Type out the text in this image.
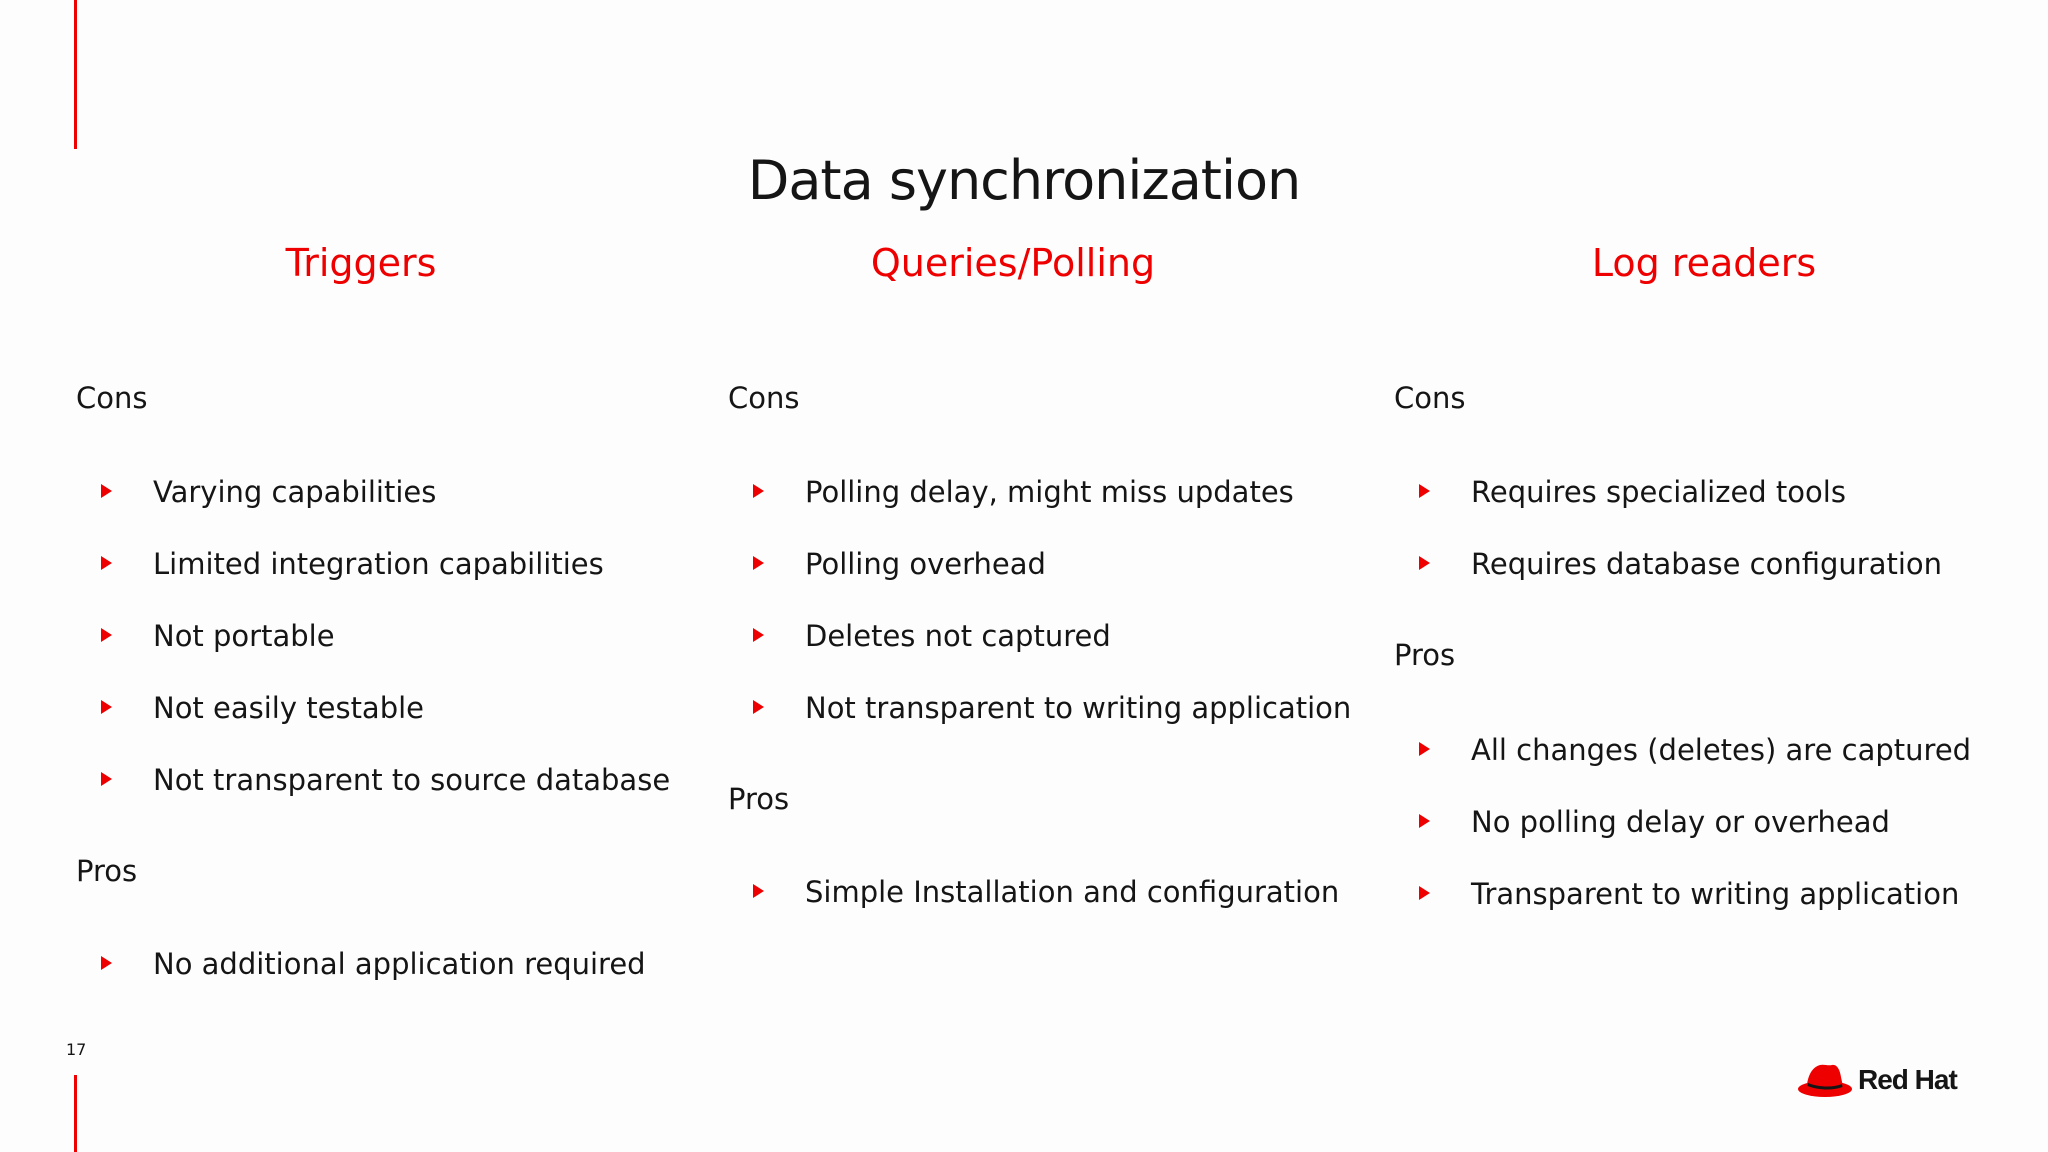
Data synchronization
Triggers
Cons
Varying capabilities
Limited integration capabilities
Not portable
Not easily testable
Not transparent to source database
Pros
No additional application required
Queries/Polling
Cons
Polling delay, might miss updates
Polling overhead
Deletes not captured
Not transparent to writing application
Pros
Simple Installation and configuration
Log readers
Cons
Requires specialized tools
Requires database configuration
Pros
All changes (deletes) are captured
No polling delay or overhead
Transparent to writing application
17
Red Hat
